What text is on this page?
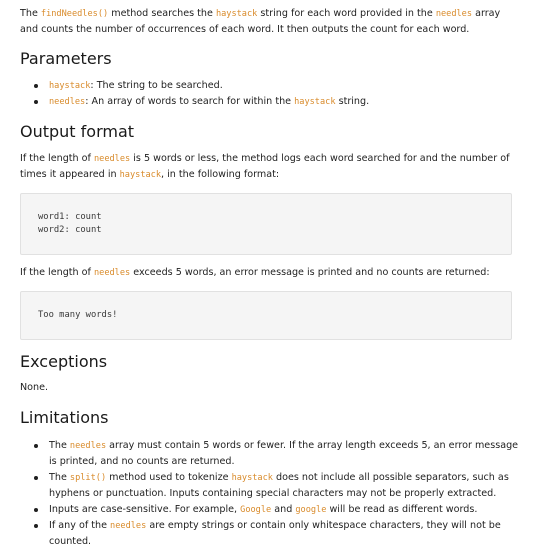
The findNeedles() method searches the haystack string for each word provided in the needles array and counts the number of occurrences of each word. It then outputs the count for each word.
Parameters
haystack: The string to be searched.
needles: An array of words to search for within the haystack string.
Output format
If the length of needles is 5 words or less, the method logs each word searched for and the number of times it appeared in haystack, in the following format:
word1: count
word2: count
If the length of needles exceeds 5 words, an error message is printed and no counts are returned:
Too many words!
Exceptions
None.
Limitations
The needles array must contain 5 words or fewer. If the array length exceeds 5, an error message is printed, and no counts are returned.
The split() method used to tokenize haystack does not include all possible separators, such as hyphens or punctuation. Inputs containing special characters may not be properly extracted.
Inputs are case-sensitive. For example, Google and google will be read as different words.
If any of the needles are empty strings or contain only whitespace characters, they will not be counted.
